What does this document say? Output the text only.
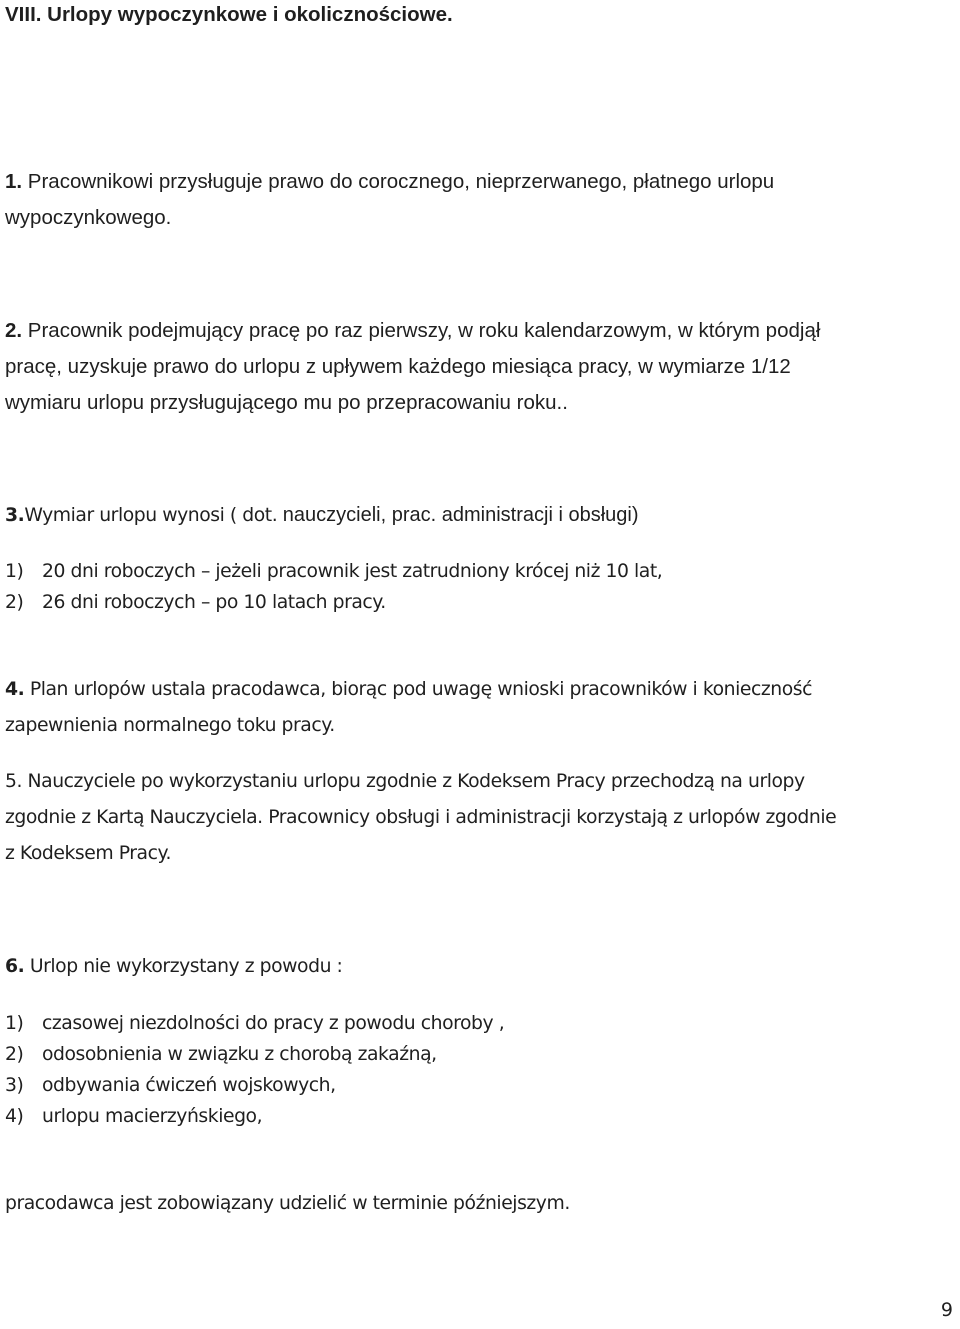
VIII. Urlopy wypoczynkowe i okolicznościowe.

1. Pracownikowi przysługuje prawo do corocznego, nieprzerwanego, płatnego urlopu
wypoczynkowego.

2. Pracownik podejmujący pracę po raz pierwszy, w roku kalendarzowym, w którym podjął
pracę, uzyskuje prawo do urlopu z upływem każdego miesiąca pracy, w wymiarze 1/12
wymiaru urlopu przysługującego mu po przepracowaniu roku..

3.Wymiar urlopu wynosi ( dot. nauczycieli, prac. administracji i obsługi)

1) 20 dni roboczych – jeżeli pracownik jest zatrudniony krócej niż 10 lat,
2) 26 dni roboczych – po 10 latach pracy.

4. Plan urlopów ustala pracodawca, biorąc pod uwagę wnioski pracowników i konieczność
zapewnienia normalnego toku pracy.

5. Nauczyciele po wykorzystaniu urlopu zgodnie z Kodeksem Pracy przechodzą na urlopy
zgodnie z Kartą Nauczyciela. Pracownicy obsługi i administracji korzystają z urlopów zgodnie
z Kodeksem Pracy.

6. Urlop nie wykorzystany z powodu :

1) czasowej niezdolności do pracy z powodu choroby ,
2) odosobnienia w związku z chorobą zakaźną,
3) odbywania ćwiczeń wojskowych,
4) urlopu macierzyńskiego,

pracodawca jest zobowiązany udzielić w terminie późniejszym.

9
